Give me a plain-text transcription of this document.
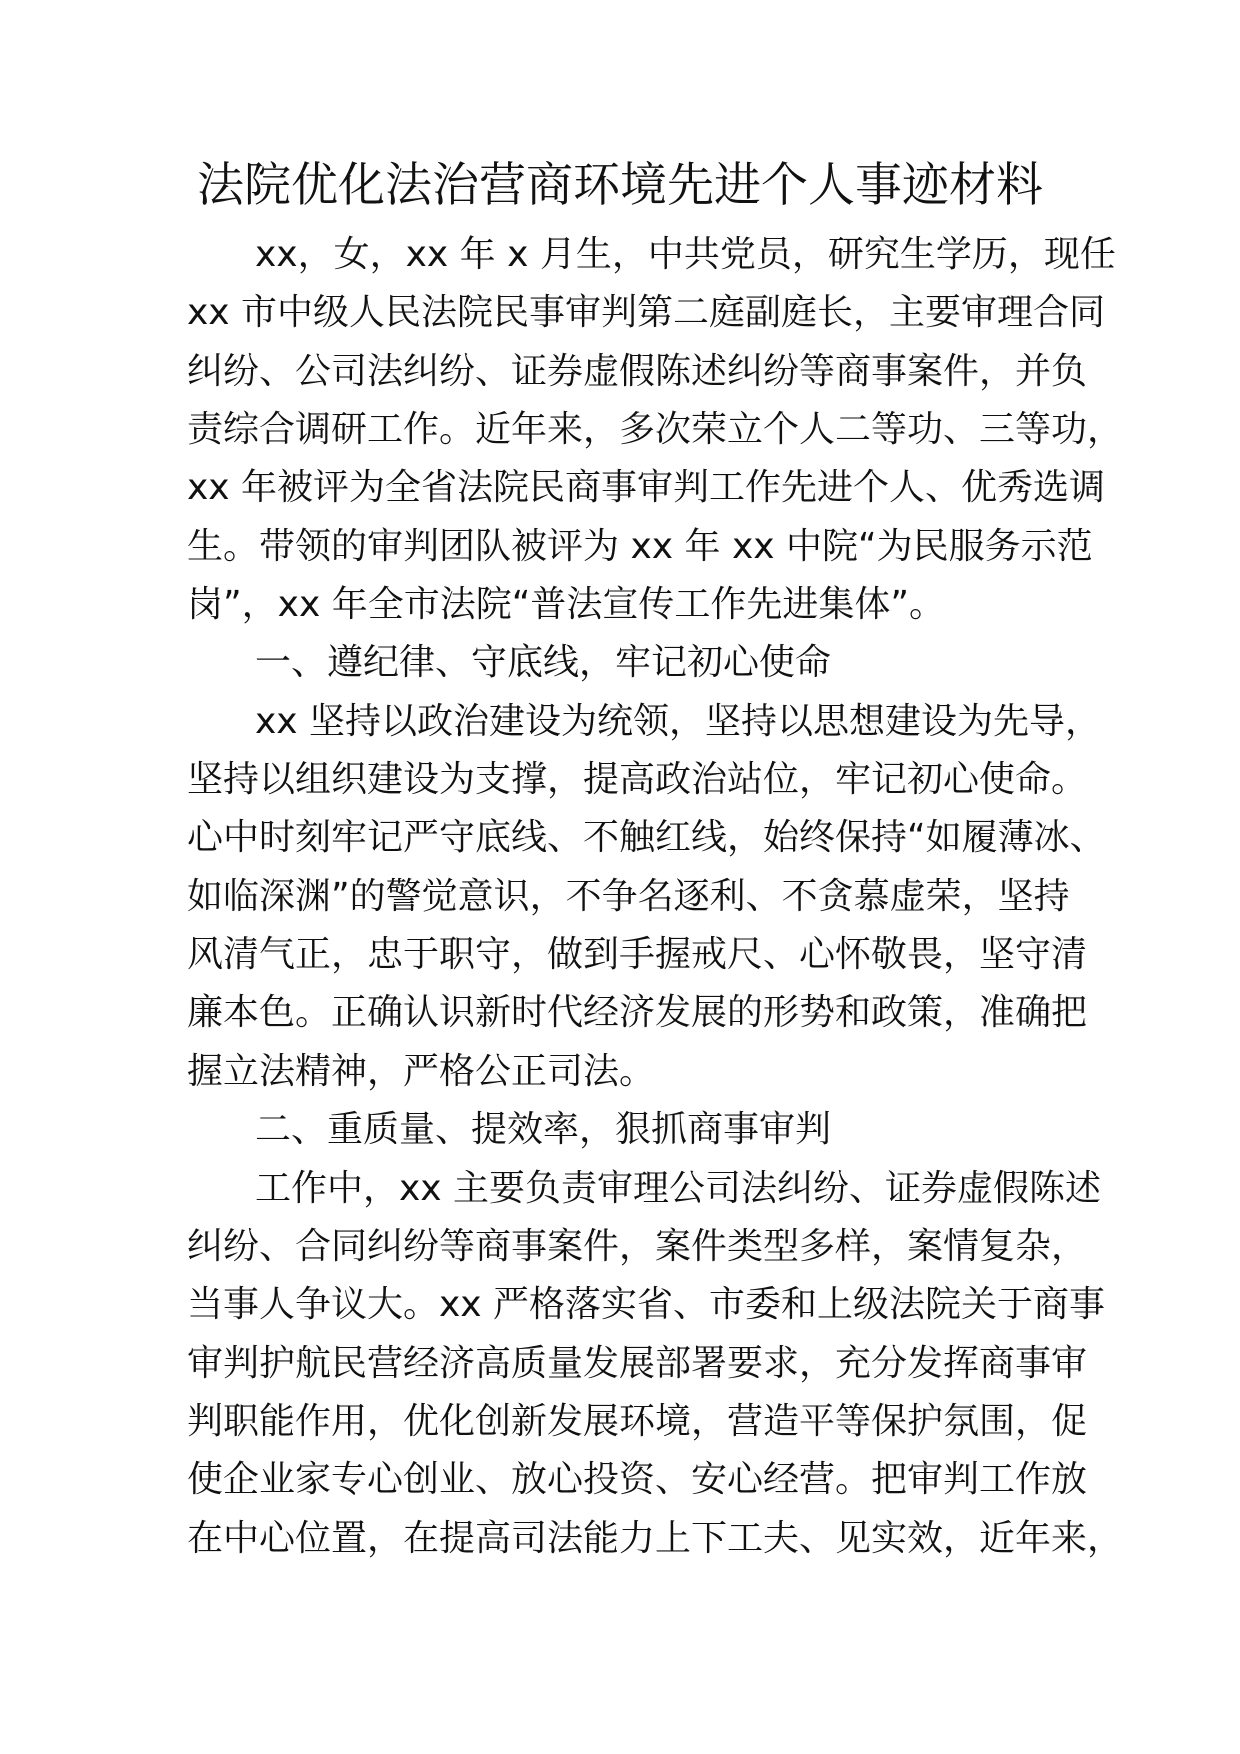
法院优化法治营商环境先进个人事迹材料
xx，女，xx 年 x 月生，中共党员，研究生学历，现任
xx 市中级人民法院民事审判第二庭副庭长，主要审理合同
纠纷、公司法纠纷、证券虚假陈述纠纷等商事案件，并负
责综合调研工作。近年来，多次荣立个人二等功、三等功，
xx 年被评为全省法院民商事审判工作先进个人、优秀选调
生。带领的审判团队被评为 xx 年 xx 中院“为民服务示范
岗”，xx 年全市法院“普法宣传工作先进集体”。
一、遵纪律、守底线，牢记初心使命
xx 坚持以政治建设为统领，坚持以思想建设为先导，
坚持以组织建设为支撑，提高政治站位，牢记初心使命。
心中时刻牢记严守底线、不触红线，始终保持“如履薄冰、
如临深渊”的警觉意识，不争名逐利、不贪慕虚荣，坚持
风清气正，忠于职守，做到手握戒尺、心怀敬畏，坚守清
廉本色。正确认识新时代经济发展的形势和政策，准确把
握立法精神，严格公正司法。
二、重质量、提效率，狠抓商事审判
工作中，xx 主要负责审理公司法纠纷、证券虚假陈述
纠纷、合同纠纷等商事案件，案件类型多样，案情复杂，
当事人争议大。xx 严格落实省、市委和上级法院关于商事
审判护航民营经济高质量发展部署要求，充分发挥商事审
判职能作用，优化创新发展环境，营造平等保护氛围，促
使企业家专心创业、放心投资、安心经营。把审判工作放
在中心位置，在提高司法能力上下工夫、见实效，近年来，
